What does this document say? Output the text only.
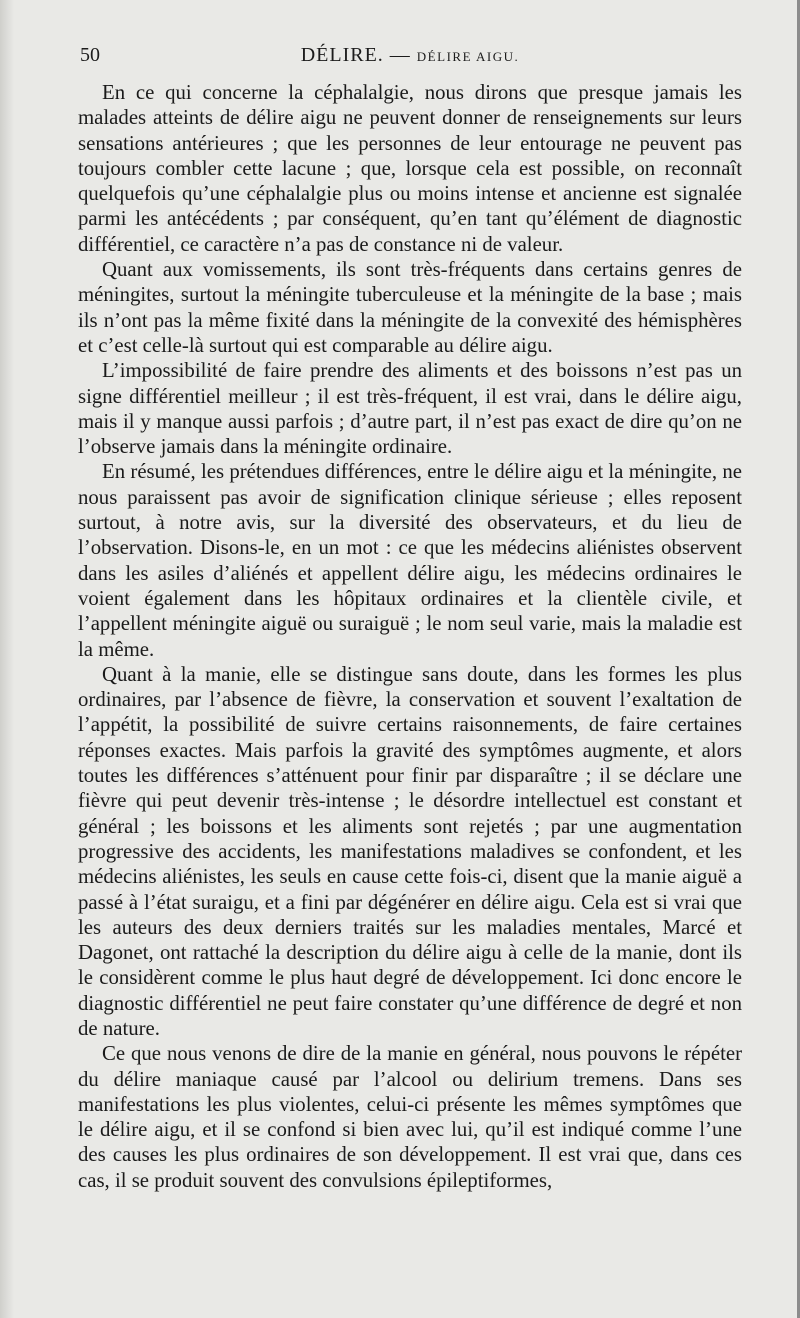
50	DÉLIRE. — DÉLIRE AIGU.

En ce qui concerne la céphalalgie, nous dirons que presque jamais les malades atteints de délire aigu ne peuvent donner de renseignements sur leurs sensations antérieures ; que les personnes de leur entourage ne peuvent pas toujours combler cette lacune ; que, lorsque cela est possible, on reconnaît quelquefois qu’une céphalalgie plus ou moins intense et ancienne est signalée parmi les antécédents ; par conséquent, qu’en tant qu’élément de diagnostic différentiel, ce caractère n’a pas de constance ni de valeur.

Quant aux vomissements, ils sont très-fréquents dans certains genres de méningites, surtout la méningite tuberculeuse et la méningite de la base ; mais ils n’ont pas la même fixité dans la méningite de la convexité des hémisphères et c’est celle-là surtout qui est comparable au délire aigu.

L’impossibilité de faire prendre des aliments et des boissons n’est pas un signe différentiel meilleur ; il est très-fréquent, il est vrai, dans le délire aigu, mais il y manque aussi parfois ; d’autre part, il n’est pas exact de dire qu’on ne l’observe jamais dans la méningite ordinaire.

En résumé, les prétendues différences, entre le délire aigu et la méningite, ne nous paraissent pas avoir de signification clinique sérieuse ; elles reposent surtout, à notre avis, sur la diversité des observateurs, et du lieu de l’observation. Disons-le, en un mot : ce que les médecins aliénistes observent dans les asiles d’aliénés et appellent délire aigu, les médecins ordinaires le voient également dans les hôpitaux ordinaires et la clientèle civile, et l’appellent méningite aiguë ou suraiguë ; le nom seul varie, mais la maladie est la même.

Quant à la manie, elle se distingue sans doute, dans les formes les plus ordinaires, par l’absence de fièvre, la conservation et souvent l’exaltation de l’appétit, la possibilité de suivre certains raisonnements, de faire certaines réponses exactes. Mais parfois la gravité des symptômes augmente, et alors toutes les différences s’atténuent pour finir par disparaître ; il se déclare une fièvre qui peut devenir très-intense ; le désordre intellectuel est constant et général ; les boissons et les aliments sont rejetés ; par une augmentation progressive des accidents, les manifestations maladives se confondent, et les médecins aliénistes, les seuls en cause cette fois-ci, disent que la manie aiguë a passé à l’état suraigu, et a fini par dégénérer en délire aigu. Cela est si vrai que les auteurs des deux derniers traités sur les maladies mentales, Marcé et Dagonet, ont rattaché la description du délire aigu à celle de la manie, dont ils le considèrent comme le plus haut degré de développement. Ici donc encore le diagnostic différentiel ne peut faire constater qu’une différence de degré et non de nature.

Ce que nous venons de dire de la manie en général, nous pouvons le répéter du délire maniaque causé par l’alcool ou delirium tremens. Dans ses manifestations les plus violentes, celui-ci présente les mêmes symptômes que le délire aigu, et il se confond si bien avec lui, qu’il est indiqué comme l’une des causes les plus ordinaires de son développement. Il est vrai que, dans ces cas, il se produit souvent des convulsions épileptiformes,
